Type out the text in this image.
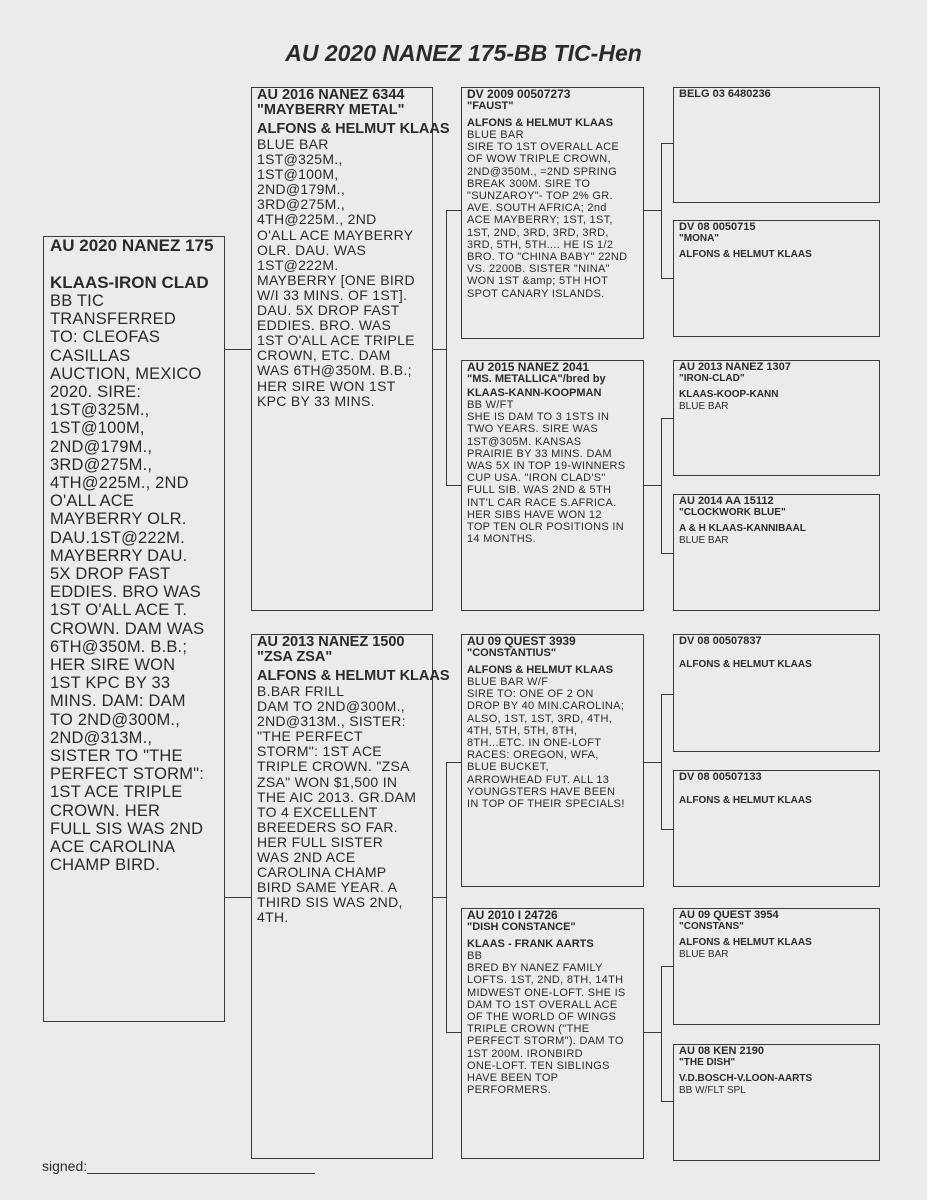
AU 2020 NANEZ 175-BB TIC-Hen
AU 2020 NANEZ 175
KLAAS-IRON CLAD
BB TIC
TRANSFERRED
TO: CLEOFAS
CASILLAS
AUCTION, MEXICO
2020. SIRE:
1ST@325M.,
1ST@100M,
2ND@179M.,
3RD@275M.,
4TH@225M., 2ND
O'ALL ACE
MAYBERRY OLR.
DAU.1ST@222M.
MAYBERRY DAU.
5X DROP FAST
EDDIES. BRO WAS
1ST O'ALL ACE T.
CROWN. DAM WAS
6TH@350M. B.B.;
HER SIRE WON
1ST KPC BY 33
MINS. DAM: DAM
TO 2ND@300M.,
2ND@313M.,
SISTER TO "THE
PERFECT STORM":
1ST ACE TRIPLE
CROWN. HER
FULL SIS WAS 2ND
ACE CAROLINA
CHAMP BIRD.
AU 2016 NANEZ 6344
"MAYBERRY METAL"
ALFONS & HELMUT KLAAS
BLUE BAR
1ST@325M.,
1ST@100M,
2ND@179M.,
3RD@275M.,
4TH@225M., 2ND
O'ALL ACE MAYBERRY
OLR. DAU. WAS
1ST@222M.
MAYBERRY [ONE BIRD
W/I 33 MINS. OF 1ST].
DAU. 5X DROP FAST
EDDIES. BRO. WAS
1ST O'ALL ACE TRIPLE
CROWN, ETC. DAM
WAS 6TH@350M. B.B.;
HER SIRE WON 1ST
KPC BY 33 MINS.
AU 2013 NANEZ 1500
"ZSA ZSA"
ALFONS & HELMUT KLAAS
B.BAR FRILL
DAM TO 2ND@300M.,
2ND@313M., SISTER:
"THE PERFECT
STORM": 1ST ACE
TRIPLE CROWN. "ZSA
ZSA" WON $1,500 IN
THE AIC 2013. GR.DAM
TO 4 EXCELLENT
BREEDERS SO FAR.
HER FULL SISTER
WAS 2ND ACE
CAROLINA CHAMP
BIRD SAME YEAR. A
THIRD SIS WAS 2ND,
4TH.
DV 2009 00507273
"FAUST"
ALFONS & HELMUT KLAAS
BLUE BAR
SIRE TO 1ST OVERALL ACE
OF WOW TRIPLE CROWN,
2ND@350M., =2ND SPRING
BREAK 300M. SIRE TO
"SUNZAROY"- TOP 2% GR.
AVE. SOUTH AFRICA; 2nd
ACE MAYBERRY; 1ST, 1ST,
1ST, 2ND, 3RD, 3RD, 3RD,
3RD, 5TH, 5TH.... HE IS 1/2
BRO. TO "CHINA BABY" 22ND
VS. 2200B. SISTER "NINA"
WON 1ST &amp; 5TH HOT
SPOT CANARY ISLANDS.
AU 2015 NANEZ 2041
"MS. METALLICA"/bred by
KLAAS-KANN-KOOPMAN
BB W/FT
SHE IS DAM TO 3 1STS IN
TWO YEARS. SIRE WAS
1ST@305M. KANSAS
PRAIRIE BY 33 MINS. DAM
WAS 5X IN TOP 19-WINNERS
CUP USA. "IRON CLAD'S"
FULL SIB. WAS 2ND & 5TH
INT'L CAR RACE S.AFRICA.
HER SIBS HAVE WON 12
TOP TEN OLR POSITIONS IN
14 MONTHS.
AU 09 QUEST 3939
"CONSTANTIUS"
ALFONS & HELMUT KLAAS
BLUE BAR W/F
SIRE TO: ONE OF 2 ON
DROP BY 40 MIN.CAROLINA;
ALSO, 1ST, 1ST, 3RD, 4TH,
4TH, 5TH, 5TH, 8TH,
8TH...ETC. IN ONE-LOFT
RACES: OREGON, WFA,
BLUE BUCKET,
ARROWHEAD FUT. ALL 13
YOUNGSTERS HAVE BEEN
IN TOP OF THEIR SPECIALS!
AU 2010 I 24726
"DISH CONSTANCE"
KLAAS - FRANK AARTS
BB
BRED BY NANEZ FAMILY
LOFTS. 1ST, 2ND, 8TH, 14TH
MIDWEST ONE-LOFT. SHE IS
DAM TO 1ST OVERALL ACE
OF THE WORLD OF WINGS
TRIPLE CROWN ("THE
PERFECT STORM"). DAM TO
1ST 200M. IRONBIRD
ONE-LOFT. TEN SIBLINGS
HAVE BEEN TOP
PERFORMERS.
BELG 03 6480236
DV 08 0050715
"MONA"
ALFONS & HELMUT KLAAS
AU 2013 NANEZ 1307
"IRON-CLAD"
KLAAS-KOOP-KANN
BLUE BAR
AU 2014 AA 15112
"CLOCKWORK BLUE"
A & H KLAAS-KANNIBAAL
BLUE BAR
DV 08 00507837
ALFONS & HELMUT KLAAS
DV 08 00507133
ALFONS & HELMUT KLAAS
AU 09 QUEST 3954
"CONSTANS"
ALFONS & HELMUT KLAAS
BLUE BAR
AU 08 KEN 2190
"THE DISH"
V.D.BOSCH-V.LOON-AARTS
BB W/FLT SPL
signed:
